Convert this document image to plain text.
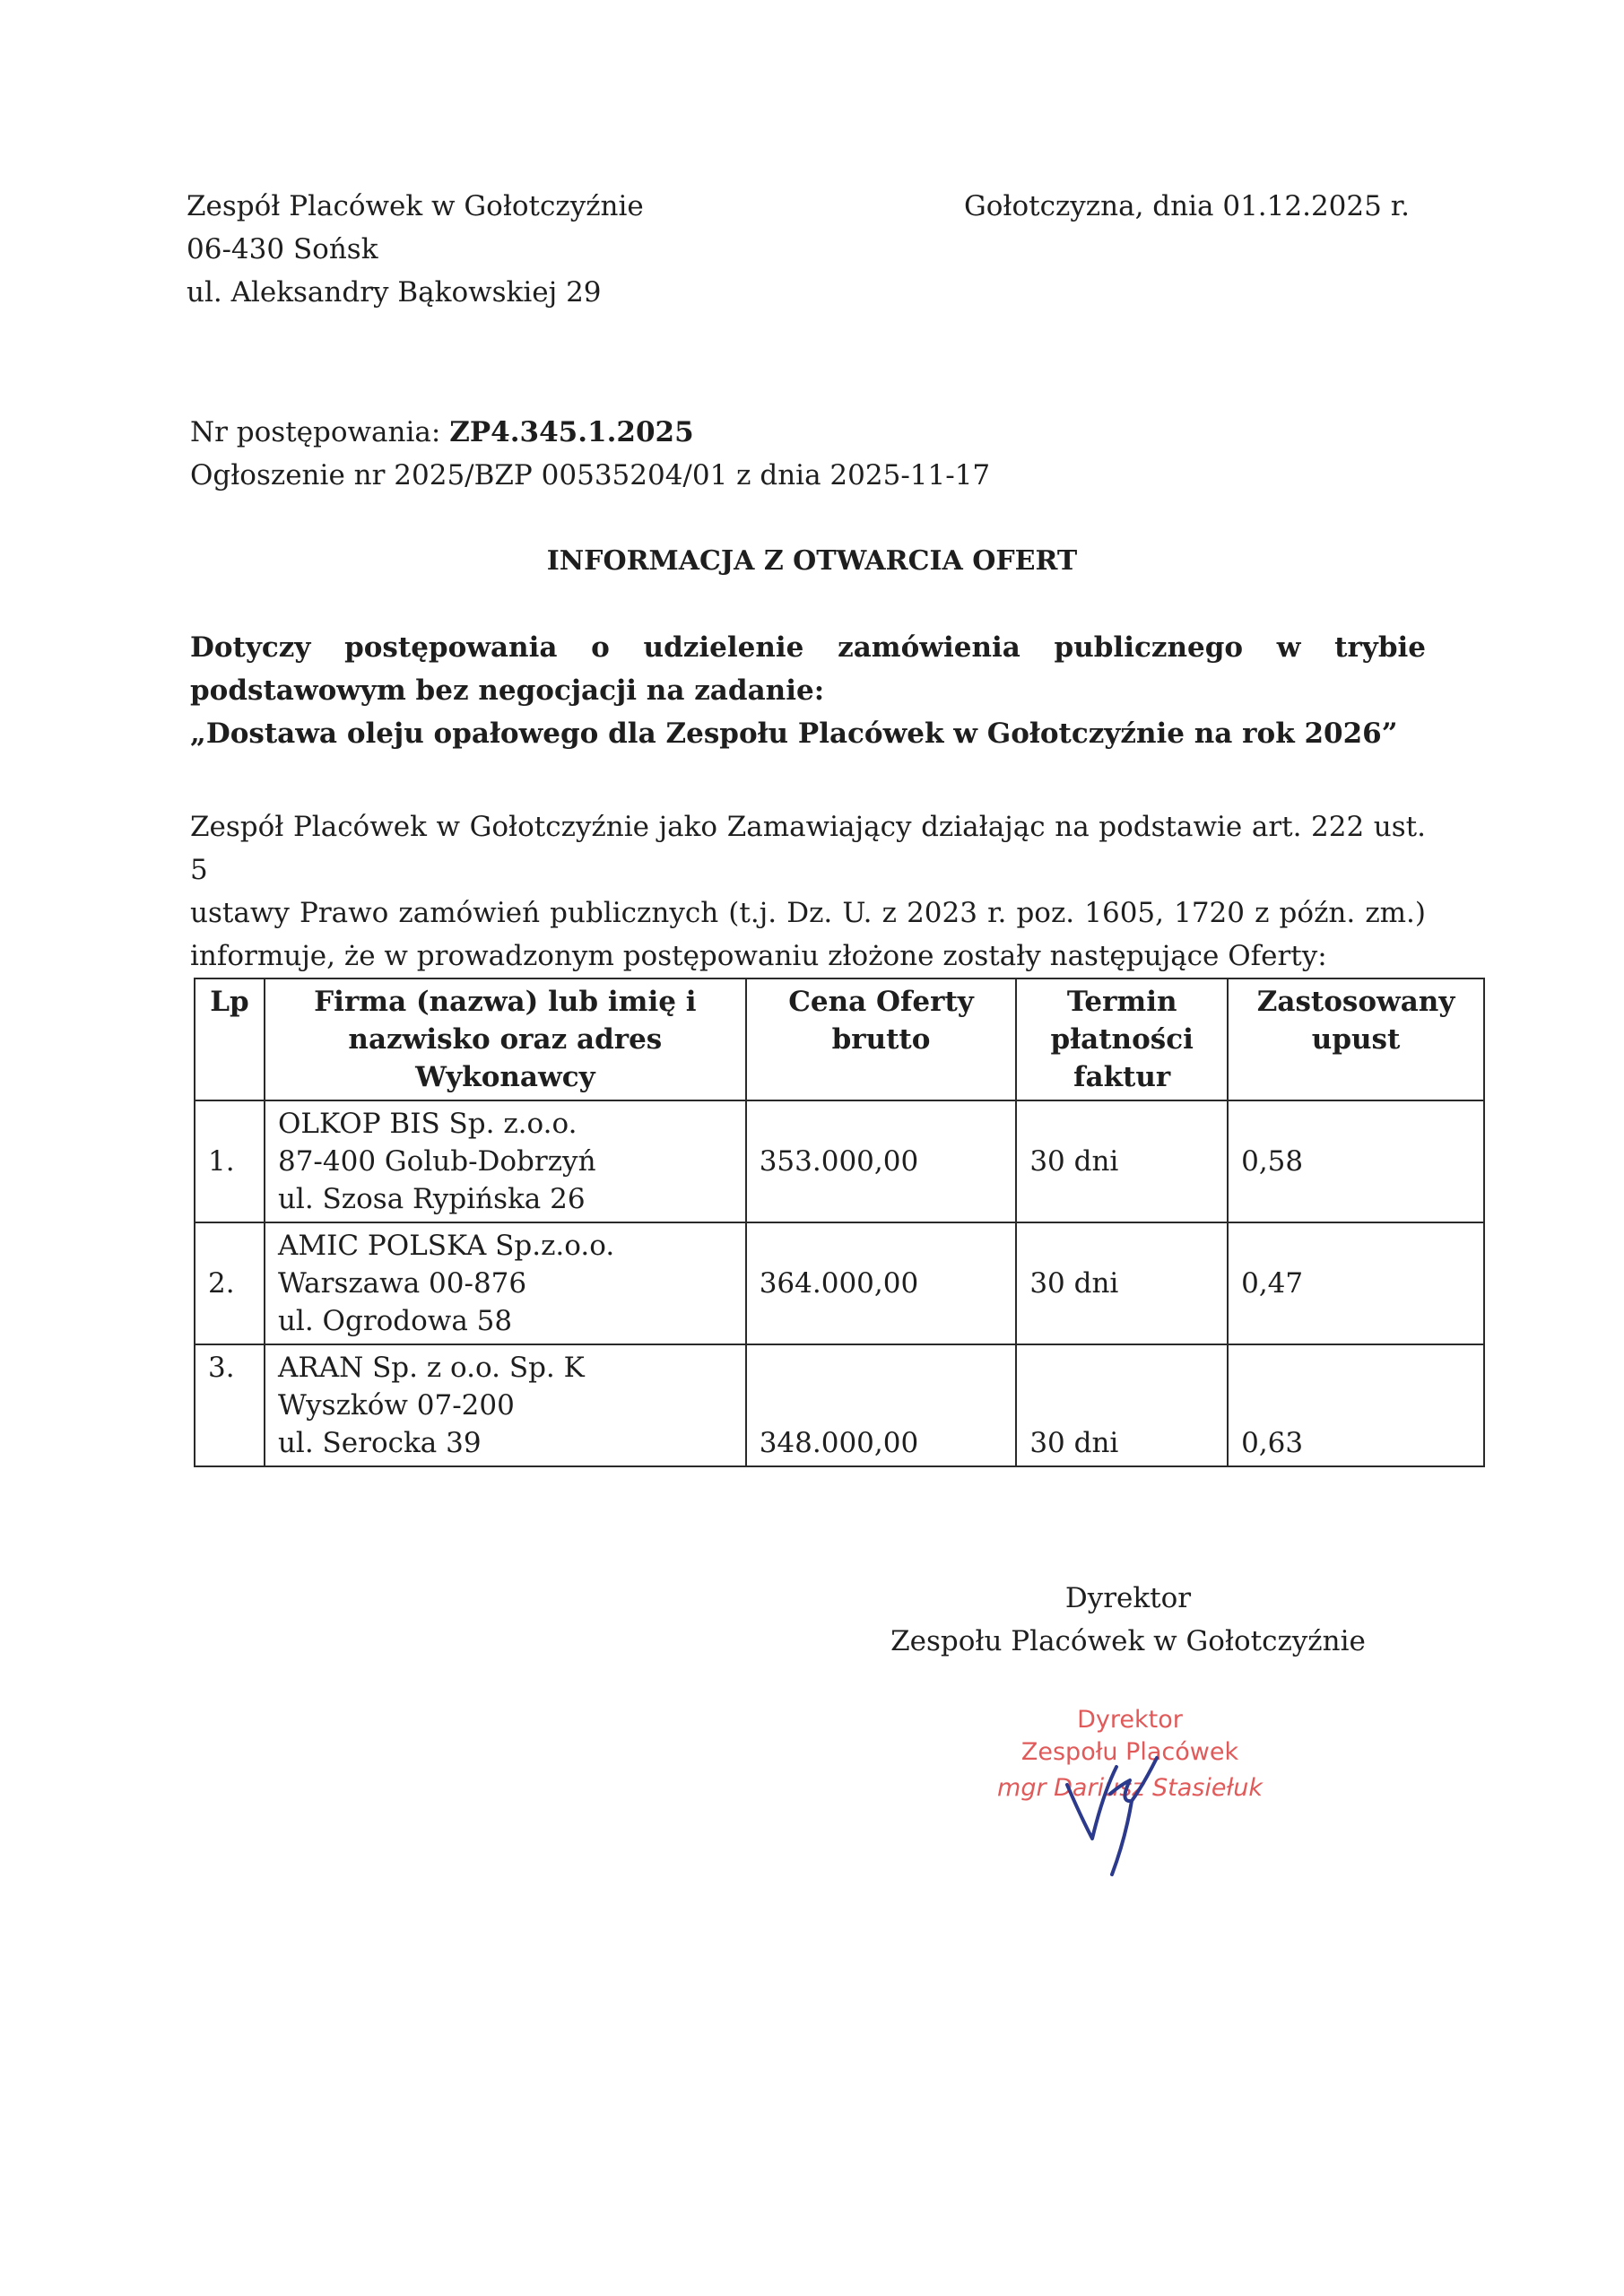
Zespół Placówek w Gołotczyźnie
06-430 Sońsk
ul. Aleksandry Bąkowskiej 29
Gołotczyzna, dnia 01.12.2025 r.
Nr postępowania: ZP4.345.1.2025
Ogłoszenie nr 2025/BZP 00535204/01 z dnia 2025-11-17
INFORMACJA Z OTWARCIA OFERT
Dotyczy postępowania o udzielenie zamówienia publicznego w trybie
podstawowym bez negocjacji na zadanie:
„Dostawa oleju opałowego dla Zespołu Placówek w Gołotczyźnie na rok 2026”
Zespół Placówek w Gołotczyźnie jako Zamawiający działając na podstawie art. 222 ust. 5
ustawy Prawo zamówień publicznych (t.j. Dz. U. z 2023 r. poz. 1605, 1720 z późn. zm.)
informuje, że w prowadzonym postępowaniu złożone zostały następujące Oferty:
Lp	Firma (nazwa) lub imię i nazwisko oraz adres Wykonawcy	Cena Oferty brutto	Termin płatności faktur	Zastosowany upust
1.	OLKOP BIS Sp. z.o.o.
87-400 Golub-Dobrzyń
ul. Szosa Rypińska 26	353.000,00	30 dni	0,58
2.	AMIC POLSKA Sp.z.o.o.
Warszawa 00-876
ul. Ogrodowa 58	364.000,00	30 dni	0,47
3.	ARAN Sp. z o.o. Sp. K
Wyszków 07-200
ul. Serocka 39	348.000,00	30 dni	0,63
Dyrektor
Zespołu Placówek w Gołotczyźnie
Dyrektor
Zespołu Placówek
mgr Dariusz Stasiełuk
